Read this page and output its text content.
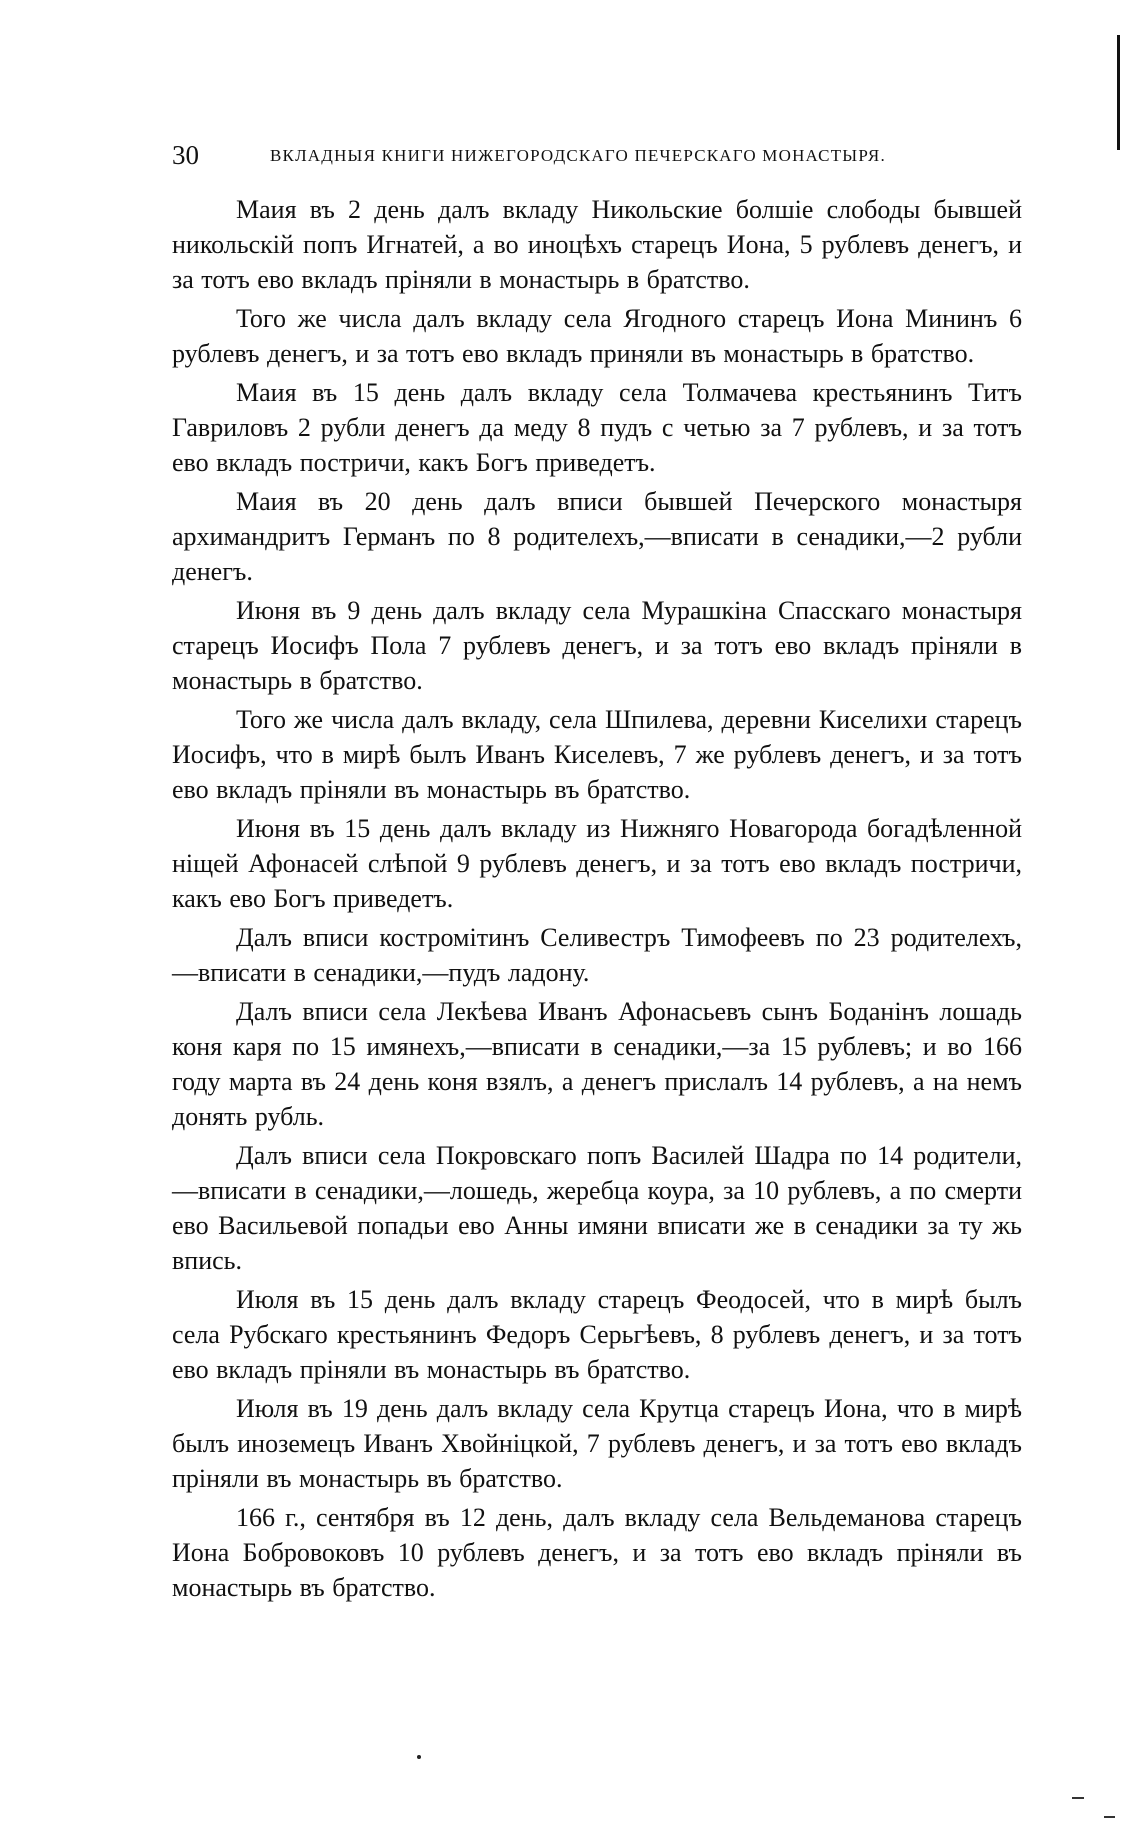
30	ВКЛАДНЫЯ КНИГИ НИЖЕГОРОДСКАГО ПЕЧЕРСКАГО МОНАСТЫРЯ.

Маия въ 2 день далъ вкладу Никольские болшіе слободы бывшей никольскій попъ Игнатей, а во иноцѣхъ старецъ Иона, 5 рублевъ денегъ, и за тотъ ево вкладъ пріняли в монастырь в братство.

Того же числа далъ вкладу села Ягодного старецъ Иона Мининъ 6 рублевъ денегъ, и за тотъ ево вкладъ приняли въ монастырь в братство.

Маия въ 15 день далъ вкладу села Толмачева крестьянинъ Титъ Гавриловъ 2 рубли денегъ да меду 8 пудъ с четью за 7 рублевъ, и за тотъ ево вкладъ постричи, какъ Богъ приведетъ.

Маия въ 20 день далъ вписи бывшей Печерского монастыря архимандритъ Германъ по 8 родителехъ,—вписати в сенадики,—2 рубли денегъ.

Июня въ 9 день далъ вкладу села Мурашкіна Спасскаго монастыря старецъ Иосифъ Пола 7 рублевъ денегъ, и за тотъ ево вкладъ пріняли в монастырь в братство.

Того же числа далъ вкладу, села Шпилева, деревни Киселихи старецъ Иосифъ, что в мирѣ былъ Иванъ Киселевъ, 7 же рублевъ денегъ, и за тотъ ево вкладъ пріняли въ монастырь въ братство.

Июня въ 15 день далъ вкладу из Нижняго Новагорода богадѣленной ніщей Афонасей слѣпой 9 рублевъ денегъ, и за тотъ ево вкладъ постричи, какъ ево Богъ приведетъ.

Далъ вписи костромітинъ Селивестръ Тимофеевъ по 23 родителехъ,—вписати в сенадики,—пудъ ладону.

Далъ вписи села Лекѣева Иванъ Афонасьевъ сынъ Боданінъ лошадь коня каря по 15 имянехъ,—вписати в сенадики,—за 15 рублевъ; и во 166 году марта въ 24 день коня взялъ, а денегъ прислалъ 14 рублевъ, а на немъ донять рубль.

Далъ вписи села Покровскаго попъ Василей Шадра по 14 родители,—вписати в сенадики,—лошедь, жеребца коура, за 10 рублевъ, а по смерти ево Васильевой попадьи ево Анны имяни вписати же в сенадики за ту жь впись.

Июля въ 15 день далъ вкладу старецъ Феодосей, что в мирѣ былъ села Рубскаго крестьянинъ Федоръ Серьгѣевъ, 8 рублевъ денегъ, и за тотъ ево вкладъ пріняли въ монастырь въ братство.

Июля въ 19 день далъ вкладу села Крутца старецъ Иона, что в мирѣ былъ иноземецъ Иванъ Хвойніцкой, 7 рублевъ денегъ, и за тотъ ево вкладъ пріняли въ монастырь въ братство.

166 г., сентября въ 12 день, далъ вкладу села Вельдеманова старецъ Иона Бобровоковъ 10 рублевъ денегъ, и за тотъ ево вкладъ пріняли въ монастырь въ братство.
